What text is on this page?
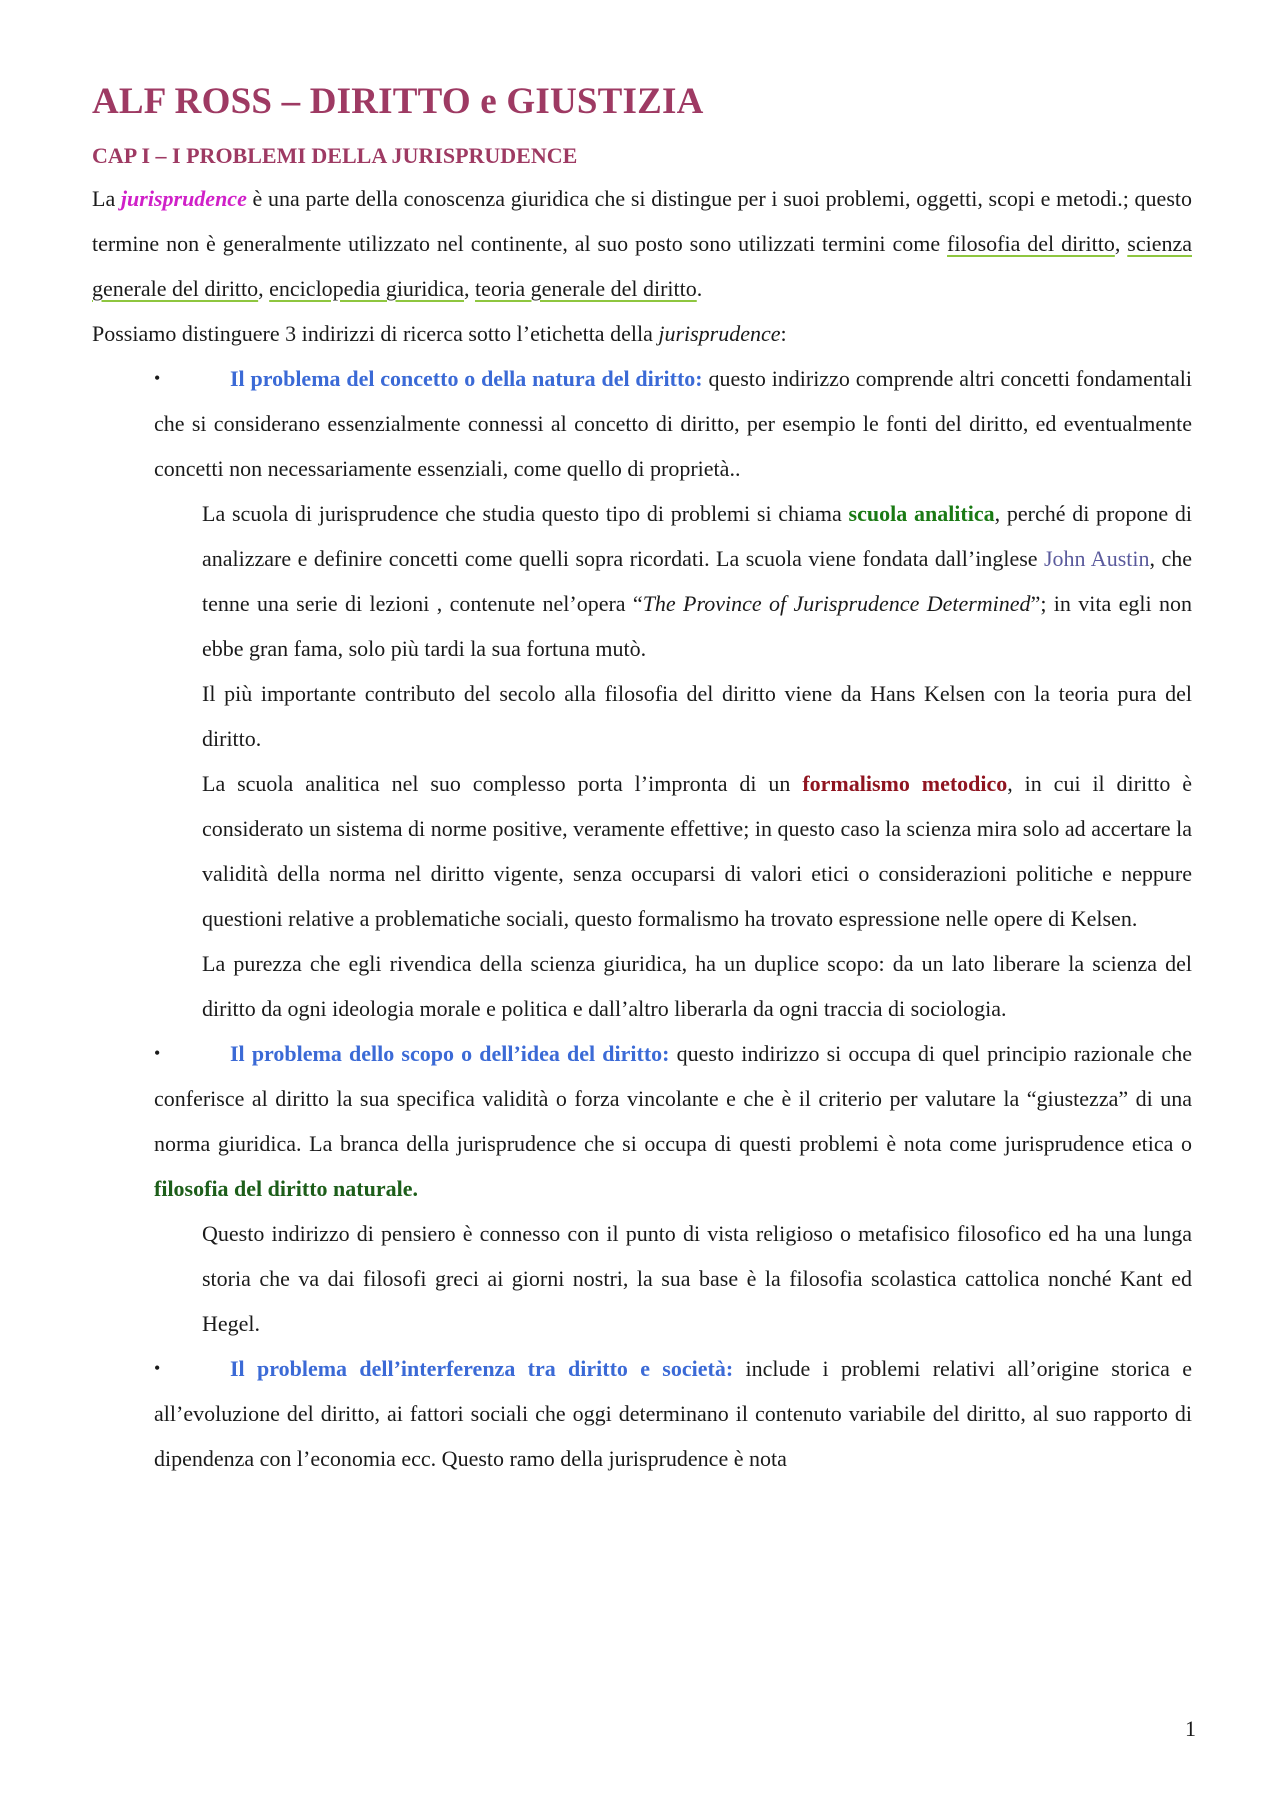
ALF ROSS – DIRITTO e GIUSTIZIA
CAP I – I PROBLEMI DELLA JURISPRUDENCE

La jurisprudence è una parte della conoscenza giuridica che si distingue per i suoi problemi, oggetti, scopi e metodi.; questo termine non è generalmente utilizzato nel continente, al suo posto sono utilizzati termini come filosofia del diritto, scienza generale del diritto, enciclopedia giuridica, teoria generale del diritto.

Possiamo distinguere 3 indirizzi di ricerca sotto l’etichetta della jurisprudence:

•	Il problema del concetto o della natura del diritto: questo indirizzo comprende altri concetti fondamentali che si considerano essenzialmente connessi al concetto di diritto, per esempio le fonti del diritto, ed eventualmente concetti non necessariamente essenziali, come quello di proprietà..

La scuola di jurisprudence che studia questo tipo di problemi si chiama scuola analitica, perché di propone di analizzare e definire concetti come quelli sopra ricordati. La scuola viene fondata dall’inglese John Austin, che tenne una serie di lezioni , contenute nel’opera “The Province of Jurisprudence Determined”; in vita egli non ebbe gran fama, solo più tardi la sua fortuna mutò.

Il più importante contributo del secolo alla filosofia del diritto viene da Hans Kelsen con la teoria pura del diritto.

La scuola analitica nel suo complesso porta l’impronta di un formalismo metodico, in cui il diritto è considerato un sistema di norme positive, veramente effettive; in questo caso la scienza mira solo ad accertare la validità della norma nel diritto vigente, senza occuparsi di valori etici o considerazioni politiche e neppure questioni relative a problematiche sociali, questo formalismo ha trovato espressione nelle opere di Kelsen.

La purezza che egli rivendica della scienza giuridica, ha un duplice scopo: da un lato liberare la scienza del diritto da ogni ideologia morale e politica e dall’altro liberarla da ogni traccia di sociologia.

•	Il problema dello scopo o dell’idea del diritto: questo indirizzo si occupa di quel principio razionale che conferisce al diritto la sua specifica validità o forza vincolante e che è il criterio per valutare la “giustezza” di una norma giuridica. La branca della jurisprudence che si occupa di questi problemi è nota come jurisprudence etica o filosofia del diritto naturale.

Questo indirizzo di pensiero è connesso con il punto di vista religioso o metafisico filosofico ed ha una lunga storia che va dai filosofi greci ai giorni nostri, la sua base è la filosofia scolastica cattolica nonché Kant ed Hegel.

•	Il problema dell’interferenza tra diritto e società: include i problemi relativi all’origine storica e all’evoluzione del diritto, ai fattori sociali che oggi determinano il contenuto variabile del diritto, al suo rapporto di dipendenza con l’economia ecc. Questo ramo della jurisprudence è nota

1
